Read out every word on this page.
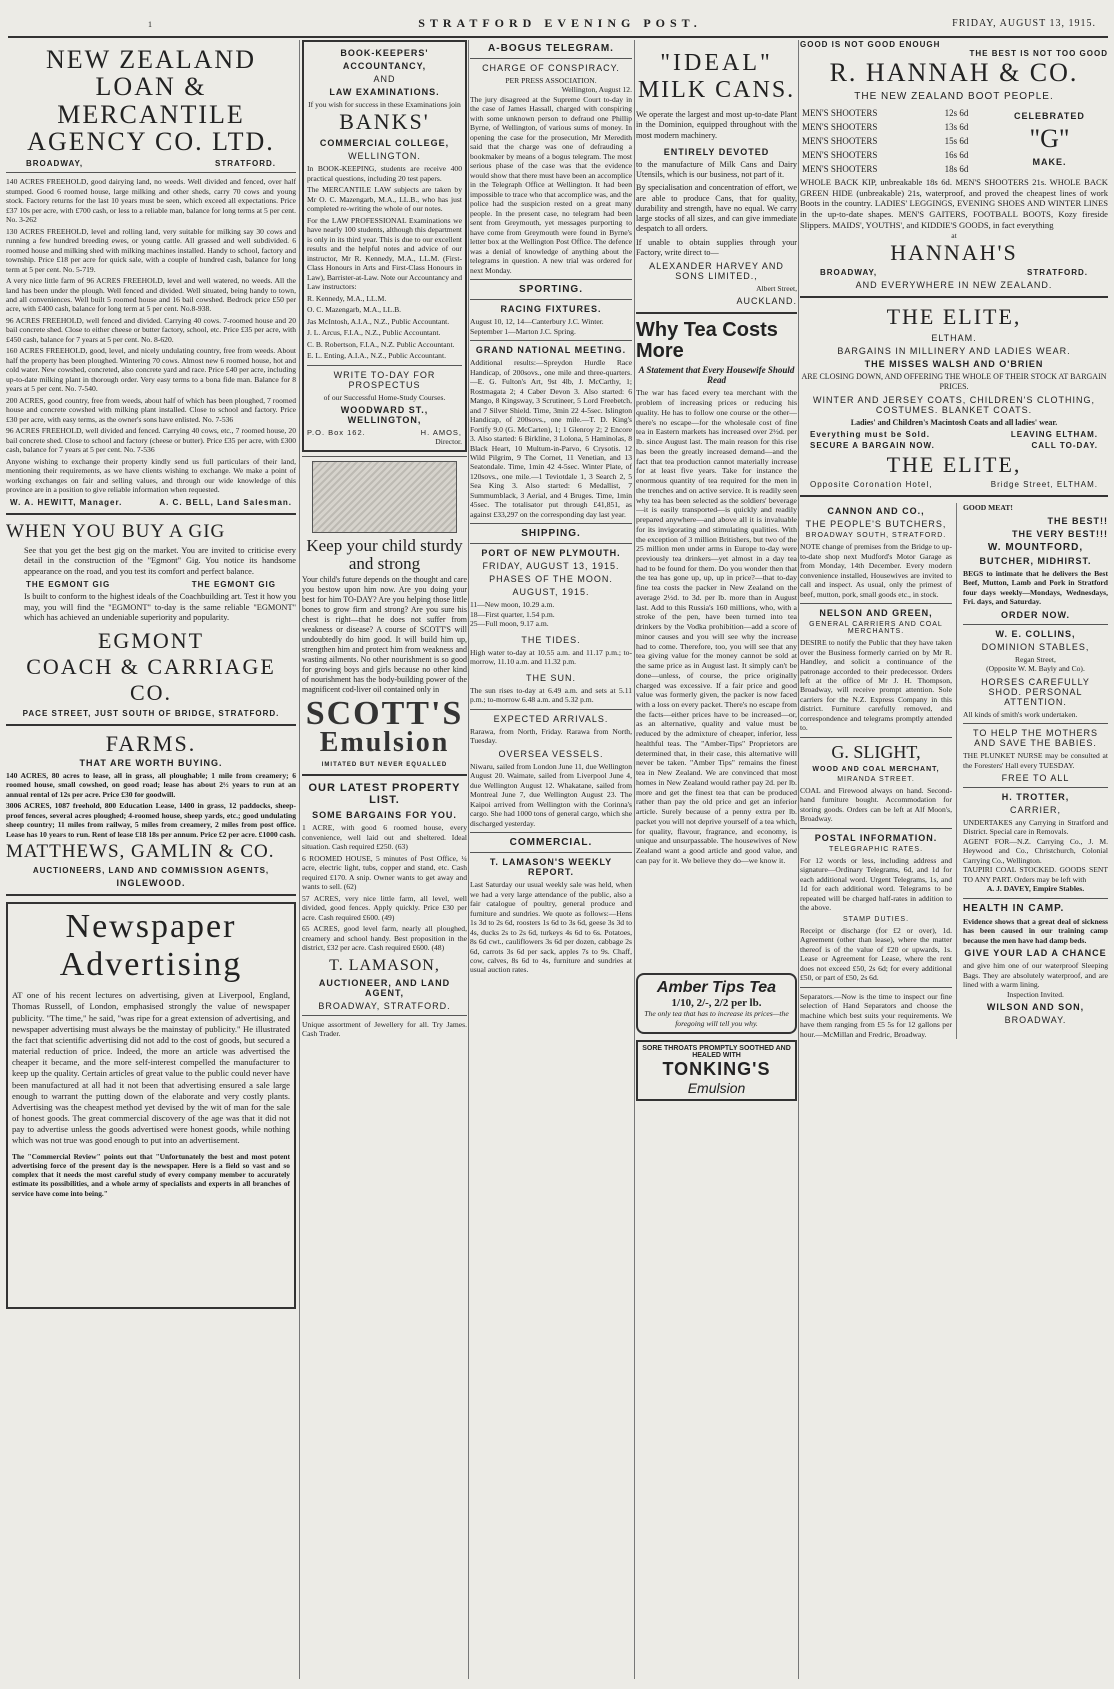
1	STRATFORD EVENING POST.	FRIDAY, AUGUST 13, 1915.
NEW ZEALAND
LOAN & MERCANTILE
AGENCY CO. LTD.
BROADWAY,	STRATFORD.

140 ACRES FREEHOLD, good dairying land, no weeds. Well divided and fenced, over half stumped. Good 6 roomed house, large milking and other sheds, carry 70 cows and young stock. Factory returns for the last 10 years must be seen, which exceed all expectations. Price £37 10s per acre, with £700 cash, or less to a reliable man, balance for long terms at 5 per cent. No. 3-262

130 ACRES FREEHOLD, level and rolling land, very suitable for milking say 30 cows and running a few hundred breeding ewes, or young cattle. All grassed and well subdivided. 6 roomed house and milking shed with milking machines installed. Handy to school, factory and township. Price £18 per acre for quick sale, with a couple of hundred cash, balance for long term at 5 per cent. No. 5-719.

A very nice little farm of 96 ACRES FREEHOLD, level and well watered, no weeds. All the land has been under the plough. Well fenced and divided. Well situated, being handy to town, and all conveniences. Well built 5 roomed house and 16 bail cowshed. Bedrock price £50 per acre, with £400 cash, balance for long term at 5 per cent. No.8-938.

96 ACRES FREEHOLD, well fenced and divided. Carrying 40 cows. 7-roomed house and 20 bail concrete shed. Close to either cheese or butter factory, school, etc. Price £35 per acre, with £450 cash, balance for 7 years at 5 per cent. No. 8-620.

160 ACRES FREEHOLD, good, level, and nicely undulating country, free from weeds. About half the property has been ploughed. Wintering 70 cows. Almost new 6 roomed house, hot and cold water. New cowshed, concreted, also concrete yard and race. Price £40 per acre, including up-to-date milking plant in thorough order. Very easy terms to a bona fide man. Balance for 8 years at 5 per cent. No. 7-540.

200 ACRES, good country, free from weeds, about half of which has been ploughed, 7 roomed house and concrete cowshed with milking plant installed. Close to school and factory. Price £30 per acre, with easy terms, as the owner's sons have enlisted. No. 7-536

96 ACRES FREEHOLD, well divided and fenced. Carrying 40 cows, etc., 7 roomed house, 20 bail concrete shed. Close to school and factory (cheese or butter). Price £35 per acre, with £300 cash, balance for 7 years at 5 per cent. No. 7-536

Anyone wishing to exchange their property kindly send us full particulars of their land, mentioning their requirements, as we have clients wishing to exchange. We make a point of working exchanges on fair and selling values, and through our wide knowledge of this province are in a position to give reliable information when requested.

W. A. HEWITT, Manager.	A. C. BELL, Land Salesman.
WHEN YOU BUY A GIG
See that you get the best gig on the market. You are invited to criticise every detail in the construction of the "Egmont" Gig. You notice its handsome appearance on the road, and you test its comfort and perfect balance.
THE EGMONT GIG	THE EGMONT GIG
Is built to conform to the highest ideals of the Coachbuilding art. Test it how you may, you will find the "EGMONT" to-day is the same reliable "EGMONT" which has achieved an undeniable superiority and popularity.
EGMONT
COACH & CARRIAGE CO.
PACE STREET, JUST SOUTH OF BRIDGE, STRATFORD.
FARMS.
THAT ARE WORTH BUYING.

140 ACRES, 80 acres to lease, all in grass, all ploughable; 1 mile from creamery; 6 roomed house, small cowshed, on good road; lease has about 2½ years to run at an annual rental of 12s per acre. Price £30 for goodwill.

3006 ACRES, 1087 freehold, 800 Education Lease, 1400 in grass, 12 paddocks, sheep-proof fences, several acres ploughed; 4-roomed house, sheep yards, etc.; good undulating sheep country; 11 miles from railway, 5 miles from creamery, 2 miles from post office. Lease has 10 years to run. Rent of lease £18 18s per annum. Price £2 per acre. £1000 cash.

MATTHEWS, GAMLIN & CO.
AUCTIONEERS, LAND AND COMMISSION AGENTS,
INGLEWOOD.
Newspaper
Advertising
AT one of his recent lectures on advertising, given at Liverpool, England, Thomas Russell, of London, emphasised strongly the value of newspaper publicity. "The time," he said, "was ripe for a great extension of advertising, and newspaper advertising must always be the mainstay of publicity." He illustrated the fact that scientific advertising did not add to the cost of goods, but secured a material reduction of price. Indeed, the more an article was advertised the cheaper it became, and the more self-interest compelled the manufacturer to keep up the quality. Certain articles of great value to the public could never have been manufactured at all had it not been that advertising ensured a sale large enough to warrant the putting down of the elaborate and very costly plants. Advertising was the cheapest method yet devised by the wit of man for the sale of honest goods. The great commercial discovery of the age was that it did not pay to advertise unless the goods advertised were honest goods, while nothing which was not true was good enough to put into an advertisement.
The "Commercial Review" points out that "Unfortunately the best and most potent advertising force of the present day is the newspaper. Here is a field so vast and so complex that it needs the most careful study of every company member to accurately estimate its possibilities, and a whole army of specialists and experts in all branches of service have come into being."
BOOK-KEEPERS'
ACCOUNTANCY,
AND
LAW EXAMINATIONS.
If you wish for success in these Examinations join
BANKS'
COMMERCIAL COLLEGE,
WELLINGTON.

In BOOK-KEEPING, students are receive 400 practical questions, including 20 test papers.

The MERCANTILE LAW subjects are taken by Mr O. C. Mazengarb, M.A., LL.B., who has just completed re-writing the whole of our notes.

For the LAW PROFESSIONAL Examinations we have nearly 100 students, although this department is only in its third year. This is due to our excellent results and the helpful notes and advice of our instructor, Mr R. Kennedy, M.A., LL.M. (First-Class Honours in Arts and First-Class Honours in Law), Barrister-at-Law. Note our Accountancy and Law instructors:

R. Kennedy, M.A., LL.M.

O. C. Mazengarb, M.A., LL.B.

Jas McIntosh, A.I.A., N.Z., Public Accountant.

J. L. Arcus, F.I.A., N.Z., Public Accountant.

C. B. Robertson, F.I.A., N.Z. Public Accountant.

E. L. Enting, A.I.A., N.Z., Public Accountant.

WRITE TO-DAY FOR PROSPECTUS
of our Successful Home-Study Courses.
WOODWARD ST., WELLINGTON,
P.O. Box 162.	H. AMOS,
Director.
Keep your child sturdy and strong
Your child's future depends on the thought and care you bestow upon him now. Are you doing your best for him TO-DAY? Are you helping those little bones to grow firm and strong? Are you sure his chest is right—that he does not suffer from weakness or disease? A course of SCOTT'S will undoubtedly do him good. It will build him up, strengthen him and protect him from weakness and wasting ailments. No other nourishment is so good for growing boys and girls because no other kind of nourishment has the body-building power of the magnificent cod-liver oil contained only in
SCOTT'S
Emulsion
IMITATED BUT NEVER EQUALLED
OUR LATEST PROPERTY LIST.
SOME BARGAINS FOR YOU.

1 ACRE, with good 6 roomed house, every convenience, well laid out and sheltered. Ideal situation. Cash required £250. (63)

6 ROOMED HOUSE, 5 minutes of Post Office, ¼ acre, electric light, tubs, copper and stand, etc. Cash required £170. A snip. Owner wants to get away and wants to sell. (62)

57 ACRES, very nice little farm, all level, well divided, good fences. Apply quickly. Price £30 per acre. Cash required £600. (49)

65 ACRES, good level farm, nearly all ploughed, creamery and school handy. Best proposition in the district, £32 per acre. Cash required £600. (48)

T. LAMASON,
AUCTIONEER, AND LAND AGENT,
BROADWAY, STRATFORD.
Unique assortment of Jewellery for all. Try James. Cash Trader.
A-BOGUS TELEGRAM.
CHARGE OF CONSPIRACY.
PER PRESS ASSOCIATION.
Wellington, August 12.
The jury disagreed at the Supreme Court to-day in the case of James Hassall, charged with conspiring with some unknown person to defraud one Phillip Byrne, of Wellington, of various sums of money. In opening the case for the prosecution, Mr Meredith said that the charge was one of defrauding a bookmaker by means of a bogus telegram. The most serious phase of the case was that the evidence would show that there must have been an accomplice in the Telegraph Office at Wellington. It had been impossible to trace who that accomplice was, and the police had the suspicion rested on a great many people. In the present case, no telegram had been sent from Greymouth, yet messages purporting to have come from Greymouth were found in Byrne's letter box at the Wellington Post Office. The defence was a denial of knowledge of anything about the telegrams in question. A new trial was ordered for next Monday.
SPORTING.
RACING FIXTURES.
August 10, 12, 14—Canterbury J.C. Winter.
September 1—Marton J.C. Spring.
GRAND NATIONAL MEETING.
Additional results:—Spreydon Hurdle Race Handicap, of 200sovs., one mile and three-quarters.—E. G. Fulton's Art, 9st 4lb, J. McCarthy, 1; Rostmagata 2; 4 Caber Devon 3. Also started: 6 Mango, 8 Kingsway, 3 Scrutineer, 5 Lord Freebetch, and 7 Silver Shield. Time, 3min 22 4-5sec. Islington Handicap, of 200sovs., one mile.—T. D. King's Fortify 9.0 (G. McCarten), 1; 1 Glenroy 2; 2 Encore 3. Also started: 6 Birkline, 3 Lolona, 5 Haminolas, 8 Black Heart, 10 Multum-in-Parvo, 6 Crysotis. 12 Wild Pilgrim, 9 The Cornet, 11 Venetian, and 13 Seatondale. Time, 1min 42 4-5sec. Winter Plate, of 120sovs., one mile.—1 Teviotdale 1, 3 Search 2, 5 Sea King 3. Also started: 6 Medallist, 7 Summumblack, 3 Aerial, and 4 Bruges. Time, 1min 45sec. The totalisator put through £41,851, as against £33,297 on the corresponding day last year.
SHIPPING.
PORT OF NEW PLYMOUTH.
FRIDAY, AUGUST 13, 1915.
PHASES OF THE MOON.
AUGUST, 1915.
11—New moon, 10.29 a.m.
18—First quarter, 1.54 p.m.
25—Full moon, 9.17 a.m.
THE TIDES.
High water to-day at 10.55 a.m. and 11.17 p.m.; to-morrow, 11.10 a.m. and 11.32 p.m.
THE SUN.
The sun rises to-day at 6.49 a.m. and sets at 5.11 p.m.; to-morrow 6.48 a.m. and 5.32 p.m.
EXPECTED ARRIVALS.
Rarawa, from North, Friday. Rarawa from North, Tuesday.
OVERSEA VESSELS.
Niwaru, sailed from London June 11, due Wellington August 20. Waimate, sailed from Liverpool June 4, due Wellington August 12. Whakatane, sailed from Montreal June 7, due Wellington August 23. The Kaipoi arrived from Wellington with the Corinna's cargo. She had 1000 tons of general cargo, which she discharged yesterday.
COMMERCIAL.
T. LAMASON'S WEEKLY REPORT.
Last Saturday our usual weekly sale was held, when we had a very large attendance of the public, also a fair catalogue of poultry, general produce and furniture and sundries. We quote as follows:—Hens 1s 3d to 2s 6d, roosters 1s 6d to 3s 6d, geese 3s 3d to 4s, ducks 2s to 2s 6d, turkeys 4s 6d to 6s. Potatoes, 8s 6d cwt., cauliflowers 3s 6d per dozen, cabbage 2s 6d, carrots 3s 6d per sack, apples 7s to 9s. Chaff, cow, calves, 8s 6d to 4s, furniture and sundries at usual auction rates.
"IDEAL"
MILK CANS.
We operate the largest and most up-to-date Plant in the Dominion, equipped throughout with the most modern machinery.
ENTIRELY DEVOTED
to the manufacture of Milk Cans and Dairy Utensils, which is our business, not part of it.
By specialisation and concentration of effort, we are able to produce Cans, that for quality, durability and strength, have no equal. We carry large stocks of all sizes, and can give immediate despatch to all orders.
If unable to obtain supplies through your Factory, write direct to—
ALEXANDER HARVEY AND SONS LIMITED.,
Albert Street,
AUCKLAND.
Why Tea Costs More
A Statement that Every Housewife Should Read
The war has faced every tea merchant with the problem of increasing prices or reducing his quality. He has to follow one course or the other—there's no escape—for the wholesale cost of fine tea in Eastern markets has increased over 2½d. per lb. since August last. The main reason for this rise has been the greatly increased demand—and the fact that tea production cannot materially increase for at least five years. Take for instance the enormous quantity of tea required for the men in the trenches and on active service. It is readily seen why tea has been selected as the soldiers' beverage—it is easily transported—is quickly and readily prepared anywhere—and above all it is invaluable for its invigorating and stimulating qualities. With the exception of 3 million Britishers, but two of the 25 million men under arms in Europe to-day were previously tea drinkers—yet almost in a day tea had to be found for them. Do you wonder then that the tea has gone up, up, up in price?—that to-day fine tea costs the packer in New Zealand on the average 2½d. to 3d. per lb. more than in August last. Add to this Russia's 160 millions, who, with a stroke of the pen, have been turned into tea drinkers by the Vodka prohibition—add a score of minor causes and you will see why the increase had to come. Therefore, too, you will see that any tea giving value for the money cannot be sold at the same price as in August last. It simply can't be done—unless, of course, the price originally charged was excessive. If a fair price and good value was formerly given, the packer is now faced with a loss on every packet. There's no escape from the facts—either prices have to be increased—or, as an alternative, quality and value must be reduced by the admixture of cheaper, inferior, less healthful teas. The "Amber-Tips" Proprietors are determined that, in their case, this alternative will never be taken. "Amber Tips" remains the finest tea in New Zealand. We are convinced that most homes in New Zealand would rather pay 2d. per lb. more and get the finest tea that can be produced rather than pay the old price and get an inferior article. Surely because of a penny extra per lb. packet you will not deprive yourself of a tea which, for quality, flavour, fragrance, and economy, is unique and unsurpassable. The housewives of New Zealand want a good article and good value, and can pay for it. We believe they do—we know it.
Amber Tips Tea
1/10, 2/-, 2/2 per lb.
The only tea that has to increase its prices—the foregoing will tell you why.
SORE THROATS PROMPTLY SOOTHED AND HEALED WITH
TONKING'S
Emulsion
GOOD IS NOT GOOD ENOUGH
THE BEST IS NOT TOO GOOD
R. HANNAH & CO.
THE NEW ZEALAND BOOT PEOPLE.
MEN'S SHOOTERS	12s 6d
MEN'S SHOOTERS	13s 6d
MEN'S SHOOTERS	15s 6d
MEN'S SHOOTERS	16s 6d
MEN'S SHOOTERS	18s 6d
CELEBRATED
"G"
MAKE.
WHOLE BACK KIP, unbreakable 18s 6d. MEN'S SHOOTERS 21s. WHOLE BACK GREEN HIDE (unbreakable) 21s, waterproof, and proved the cheapest lines of work Boots in the country. LADIES' LEGGINGS, EVENING SHOES AND WINTER LINES in the up-to-date shapes. MEN'S GAITERS, FOOTBALL BOOTS, Kozy fireside Slippers. MAIDS', YOUTHS', and KIDDIE'S GOODS, in fact everything
at
HANNAH'S
BROADWAY,	STRATFORD.
AND EVERYWHERE IN NEW ZEALAND.
THE ELITE,
ELTHAM.
BARGAINS IN MILLINERY AND LADIES WEAR.
THE MISSES WALSH AND O'BRIEN
ARE CLOSING DOWN, AND OFFERING THE WHOLE OF THEIR STOCK AT BARGAIN PRICES.
WINTER AND JERSEY COATS, CHILDREN'S CLOTHING, COSTUMES. BLANKET COATS.
Ladies' and Children's Macintosh Coats and all ladies' wear.
Everything must be Sold.	LEAVING ELTHAM.
SECURE A BARGAIN NOW.	CALL TO-DAY.
THE ELITE,
Opposite Coronation Hotel,	Bridge Street, ELTHAM.
CANNON AND CO.,
THE PEOPLE'S BUTCHERS,
BROADWAY SOUTH, STRATFORD.
NOTE change of premises from the Bridge to up-to-date shop next Mudford's Motor Garage as from Monday, 14th December. Every modern convenience installed, Housewives are invited to call and inspect. As usual, only the primest of beef, mutton, pork, small goods etc., in stock.
NELSON AND GREEN,
GENERAL CARRIERS AND COAL MERCHANTS.
DESIRE to notify the Public that they have taken over the Business formerly carried on by Mr R. Handley, and solicit a continuance of the patronage accorded to their predecessor. Orders left at the office of Mr J. H. Thompson, Broadway, will receive prompt attention. Sole carriers for the N.Z. Express Company in this district. Furniture carefully removed, and correspondence and telegrams promptly attended to.
G. SLIGHT,
WOOD AND COAL MERCHANT,
MIRANDA STREET.
COAL and Firewood always on hand. Second-hand furniture bought. Accommodation for storing goods. Orders can be left at Alf Moon's, Broadway.
POSTAL INFORMATION.
TELEGRAPHIC RATES.
For 12 words or less, including address and signature—Ordinary Telegrams, 6d, and 1d for each additional word. Urgent Telegrams, 1s, and 1d for each additional word. Telegrams to be repeated will be charged half-rates in addition to the above.
STAMP DUTIES.
Receipt or discharge (for £2 or over), 1d. Agreement (other than lease), where the matter thereof is of the value of £20 or upwards, 1s. Lease or Agreement for Lease, where the rent does not exceed £50, 2s 6d; for every additional £50, or part of £50, 2s 6d.
Separators.—Now is the time to inspect our fine selection of Hand Separators and choose the machine which best suits your requirements. We have them ranging from £5 5s for 12 gallons per hour.—McMillan and Fredric, Broadway.
GOOD MEAT!
THE BEST!!
THE VERY BEST!!!
W. MOUNTFORD,
BUTCHER, MIDHIRST.
BEGS to intimate that he delivers the Best Beef, Mutton, Lamb and Pork in Stratford four days weekly—Mondays, Wednesdays, Fri. days, and Saturday.
ORDER NOW.
W. E. COLLINS,
DOMINION STABLES,
Regan Street,
(Opposite W. M. Bayly and Co).
HORSES CAREFULLY SHOD. PERSONAL ATTENTION.
All kinds of smith's work undertaken.
TO HELP THE MOTHERS AND SAVE THE BABIES.
THE PLUNKET NURSE may be consulted at the Foresters' Hall every TUESDAY.
FREE TO ALL
H. TROTTER,
CARRIER,
UNDERTAKES any Carrying in Stratford and District. Special care in Removals.
AGENT FOR—N.Z. Carrying Co., J. M. Heywood and Co., Christchurch, Colonial Carrying Co., Wellington.
TAUPIRI COAL STOCKED. GOODS SENT TO ANY PART. Orders may be left with
A. J. DAVEY, Empire Stables.
HEALTH IN CAMP.
Evidence shows that a great deal of sickness has been caused in our training camp because the men have had damp beds.
GIVE YOUR LAD A CHANCE
and give him one of our waterproof Sleeping Bags. They are absolutely waterproof, and are lined with a warm lining.
Inspection Invited.
WILSON AND SON,
BROADWAY.
